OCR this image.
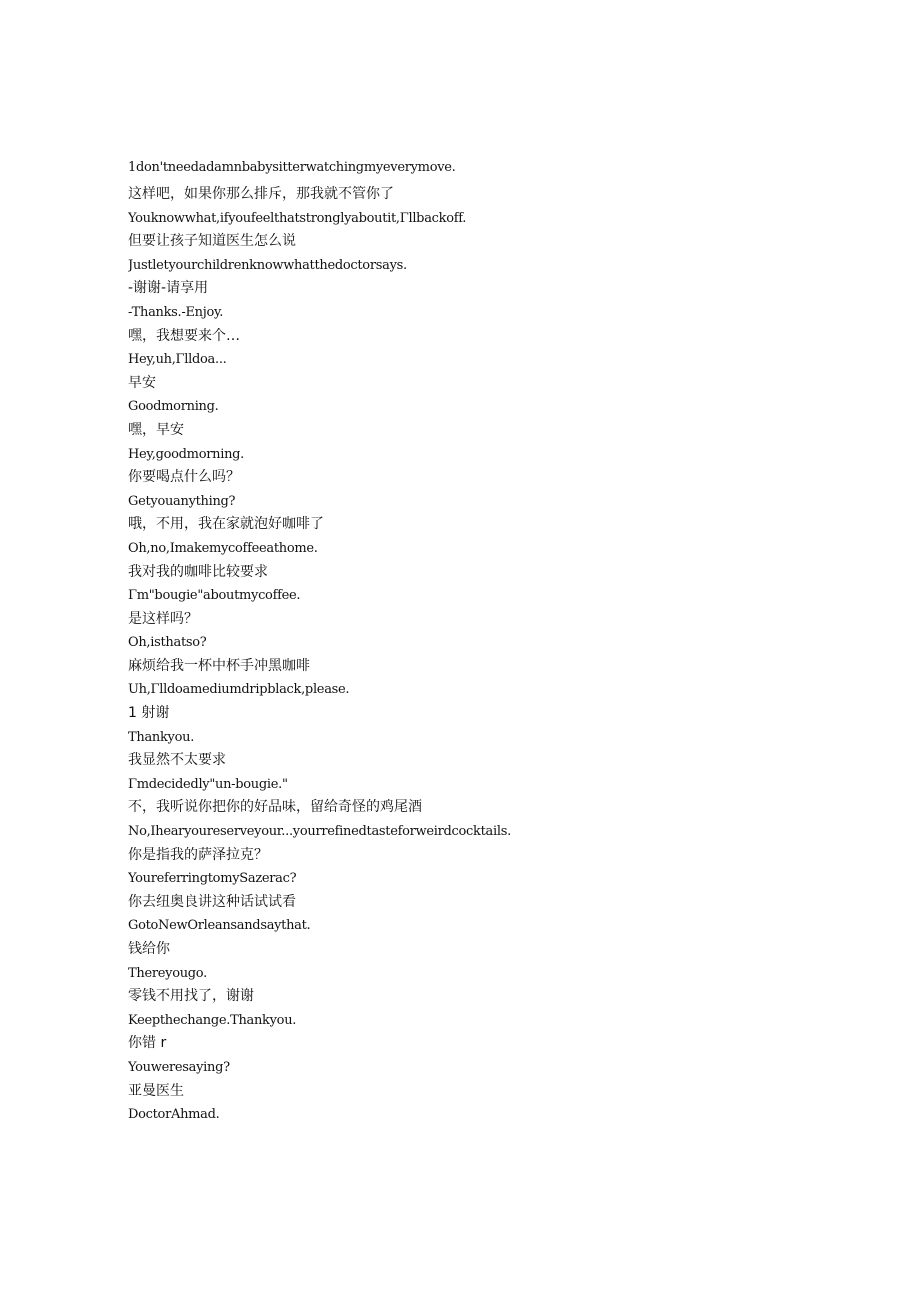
1don'tneedadamnbabysitterwatchingmyeverymove.
这样吧，如果你那么排斥，那我就不管你了
Youknowwhat,ifyoufeelthatstronglyaboutit,Γllbackoff.
但要让孩子知道医生怎么说
Justletyourchildrenknowwhatthedoctorsays.
-谢谢-请享用
-Thanks.-Enjoy.
嘿，我想要来个…
Hey,uh,Γlldoa...
早安
Goodmorning.
嘿，早安
Hey,goodmorning.
你要喝点什么吗？
Getyouanything?
哦，不用，我在家就泡好咖啡了
Oh,no,Imakemycoffeeathome.
我对我的咖啡比较要求
Γm"bougie"aboutmycoffee.
是这样吗？
Oh,isthatso?
麻烦给我一杯中杯手冲黑咖啡
Uh,Γlldoamediumdripblack,please.
1 射谢
Thankyou.
我显然不太要求
Γmdecidedly"un-bougie."
不，我听说你把你的好品味，留给奇怪的鸡尾酒
No,Ihearyoureserveyour...yourrefinedtasteforweirdcocktails.
你是指我的萨泽拉克？
YoureferringtomySazerac?
你去纽奥良讲这种话试试看
GotoNewOrleansandsaythat.
钱给你
Thereyougo.
零钱不用找了，谢谢
Keepthechange.Thankyou.
你错 r
Youweresaying?
亚曼医生
DoctorAhmad.
